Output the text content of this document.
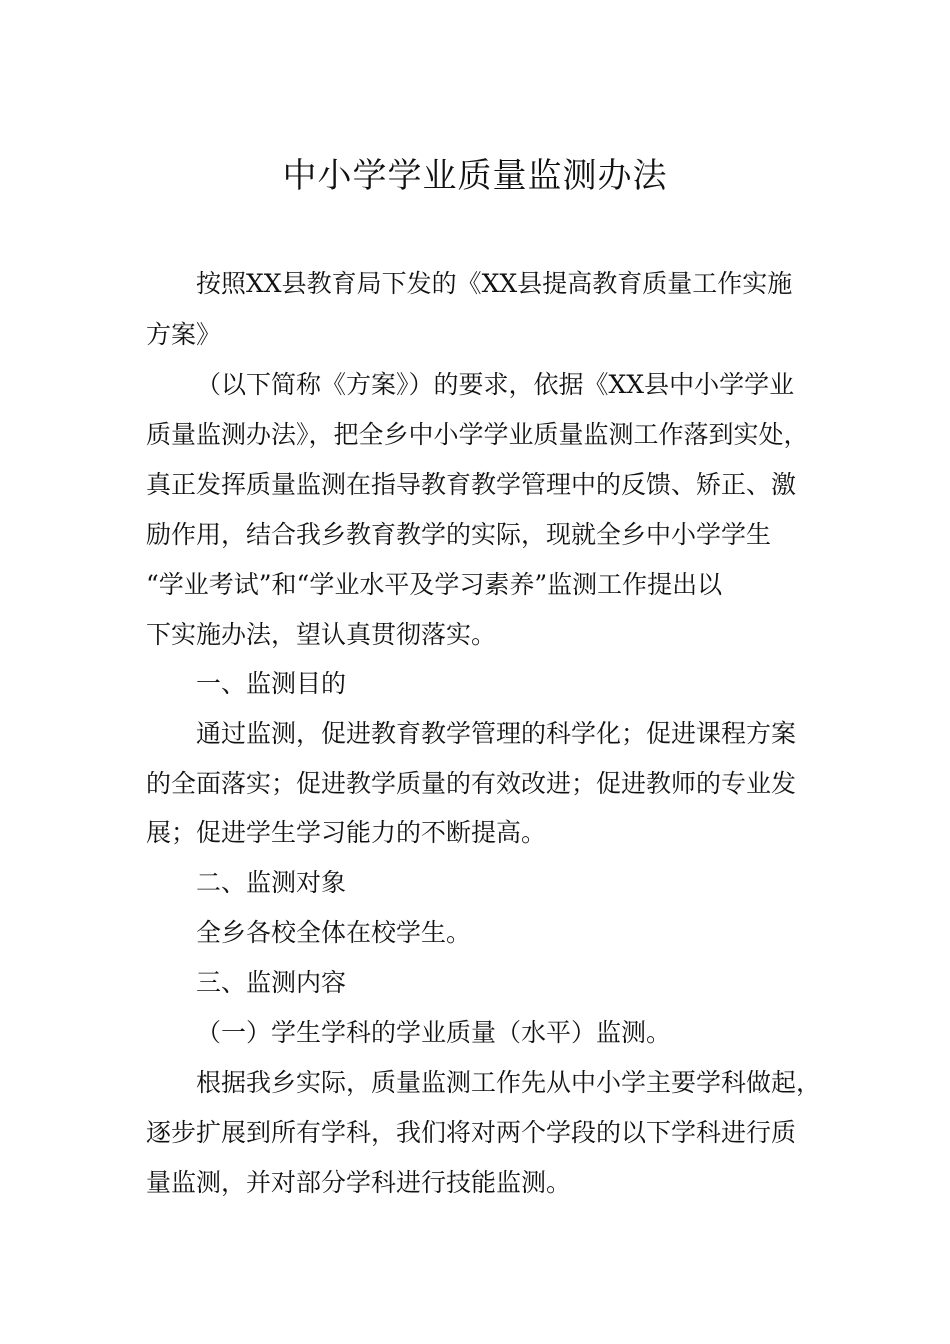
中小学学业质量监测办法
按照XX县教育局下发的《XX县提高教育质量工作实施
方案》
（以下简称《方案》）的要求，依据《XX县中小学学业
质量监测办法》，把全乡中小学学业质量监测工作落到实处，
真正发挥质量监测在指导教育教学管理中的反馈、矫正、激
励作用，结合我乡教育教学的实际，现就全乡中小学学生
“学业考试”和“学业水平及学习素养”监测工作提出以
下实施办法，望认真贯彻落实。
一、监测目的
通过监测，促进教育教学管理的科学化；促进课程方案
的全面落实；促进教学质量的有效改进；促进教师的专业发
展；促进学生学习能力的不断提高。
二、监测对象
全乡各校全体在校学生。
三、监测内容
（一）学生学科的学业质量（水平）监测。
根据我乡实际，质量监测工作先从中小学主要学科做起，
逐步扩展到所有学科，我们将对两个学段的以下学科进行质
量监测，并对部分学科进行技能监测。
